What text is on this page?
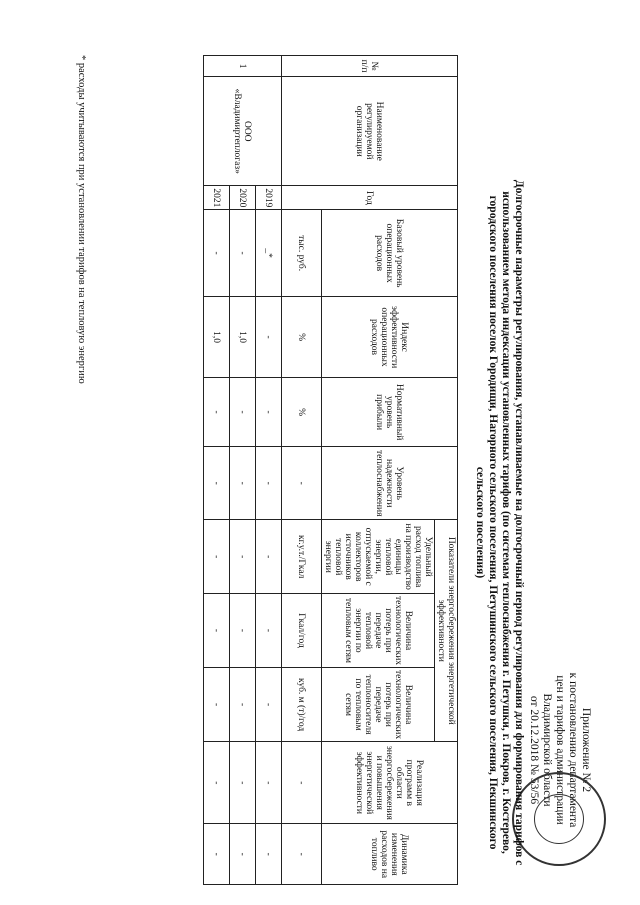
Приложение № 2
к постановлению департамента
цен и тарифов администрации
Владимирской области
от 20.12.2018 № 53/56
Долгосрочные параметры регулирования, устанавливаемые на долгосрочный период регулирования для формирования тарифов с использованием метода индексации установленных тарифов (по системам теплоснабжения г. Петушки, г. Покров, г. Костерево, городского поселения поселок Городищи, Нагорного сельского поселения, Петушинского сельского поселения, Пекшинского сельского поселения)
№ п/п	Наименование регулируемой организации	Год	Базовый уровень операционных расходов	Индекс эффективности операционных расходов	Нормативный уровень прибыли	Уровень надежности теплоснабжения	Показатели энергосбережения энергетической эффективности			Реализация программ в области энергосбережения и повышения энергетической эффективности	Динамика изменения расходов на топливо
							Удельный расход топлива на производство единицы тепловой энергии, отпускаемой с коллекторов источников тепловой энергии	Величина технологических потерь при передаче тепловой энергии по тепловым сетям	Величина технологических потерь при передаче теплоносителя по тепловым сетям		
			тыс. руб.	%	%	-	кг.у.т./Гкал	Гкал/год	куб. м (т)/год	-	-
1	ООО «Владимиртеплогаз»	2019	_*	-	-	-	-	-	-	-	-
		2020	-	1,0	-	-	-	-	-	-	-
		2021	-	1,0	-	-	-	-	-	-	-
* расходы учитываются при установлении тарифов на тепловую энергию
